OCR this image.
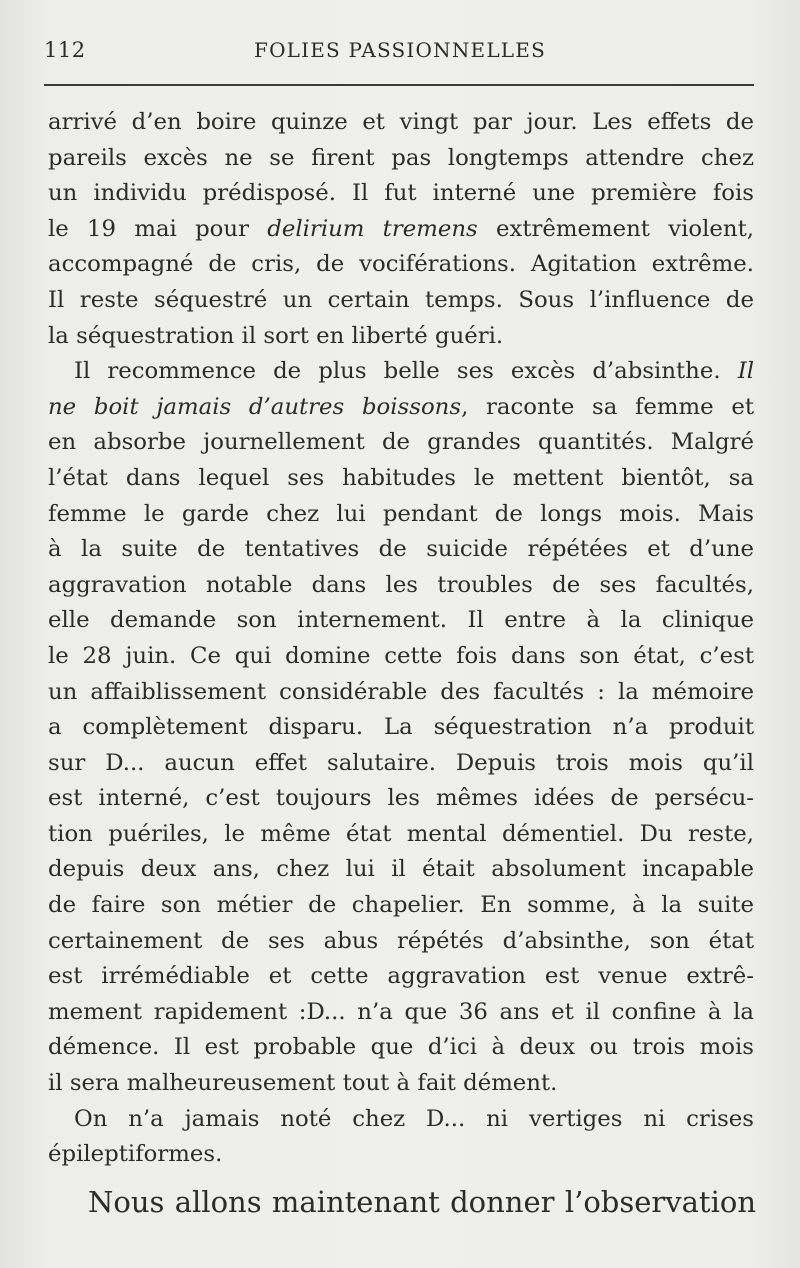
112	FOLIES PASSIONNELLES
arrivé d’en boire quinze et vingt par jour. Les effets de
pareils excès ne se firent pas longtemps attendre chez
un individu prédisposé. Il fut interné une première fois
le 19 mai pour delirium tremens extrêmement violent,
accompagné de cris, de vociférations. Agitation extrême.
Il reste séquestré un certain temps. Sous l’influence de
la séquestration il sort en liberté guéri.
Il recommence de plus belle ses excès d’absinthe. Il
ne boit jamais d’autres boissons, raconte sa femme et
en absorbe journellement de grandes quantités. Malgré
l’état dans lequel ses habitudes le mettent bientôt, sa
femme le garde chez lui pendant de longs mois. Mais
à la suite de tentatives de suicide répétées et d’une
aggravation notable dans les troubles de ses facultés,
elle demande son internement. Il entre à la clinique
le 28 juin. Ce qui domine cette fois dans son état, c’est
un affaiblissement considérable des facultés : la mémoire
a complètement disparu. La séquestration n’a produit
sur D... aucun effet salutaire. Depuis trois mois qu’il
est interné, c’est toujours les mêmes idées de persécu-
tion puériles, le même état mental démentiel. Du reste,
depuis deux ans, chez lui il était absolument incapable
de faire son métier de chapelier. En somme, à la suite
certainement de ses abus répétés d’absinthe, son état
est irrémédiable et cette aggravation est venue extrê-
mement rapidement :D... n’a que 36 ans et il confine à la
démence. Il est probable que d’ici à deux ou trois mois
il sera malheureusement tout à fait dément.
On n’a jamais noté chez D... ni vertiges ni crises
épileptiformes.
Nous allons maintenant donner l’observation
